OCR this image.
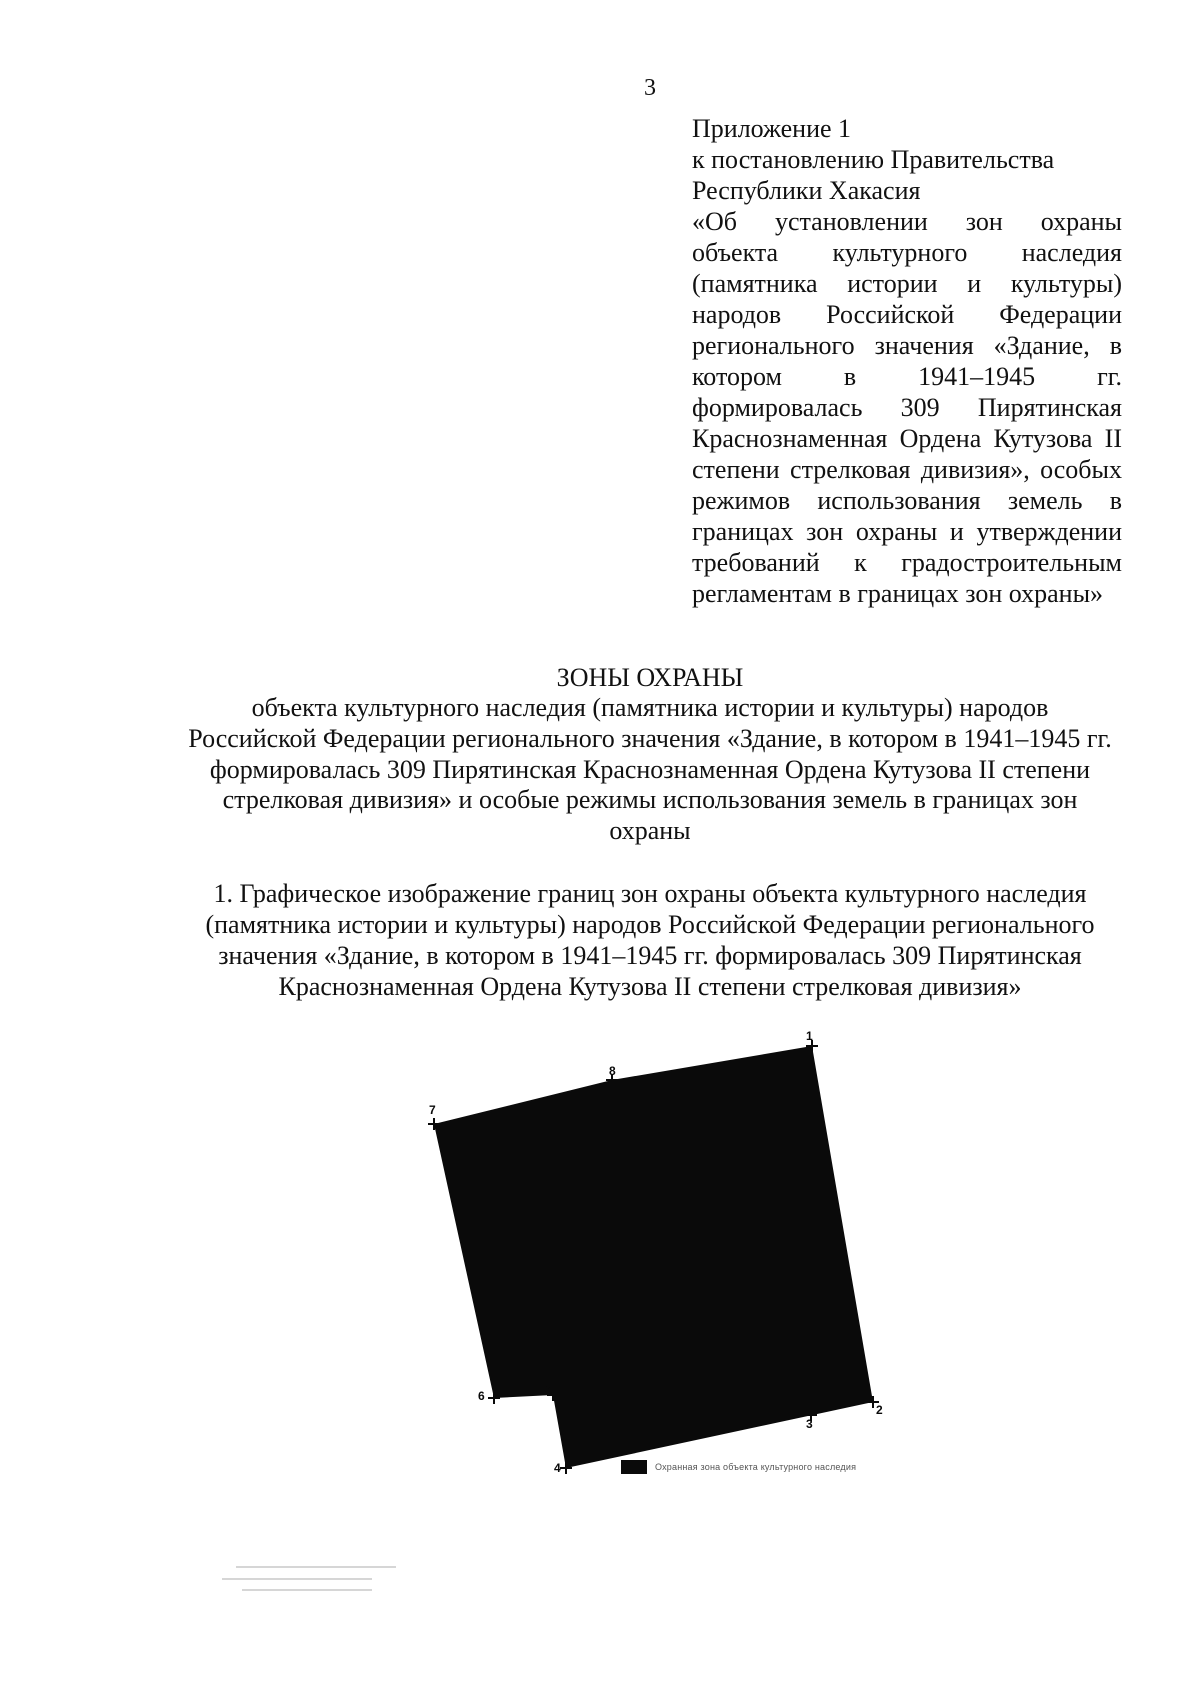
3
Приложение 1
к постановлению Правительства
Республики Хакасия
«Об установлении зон охраны
объекта культурного наследия
(памятника истории и культуры)
народов Российской Федерации
регионального значения «Здание, в
котором в 1941–1945 гг.
формировалась 309 Пирятинская
Краснознаменная Ордена Кутузова II
степени стрелковая дивизия», особых
режимов использования земель в
границах зон охраны и утверждении
требований к градостроительным
регламентам в границах зон охраны»
ЗОНЫ ОХРАНЫ
объекта культурного наследия (памятника истории и культуры) народов
Российской Федерации регионального значения «Здание, в котором в 1941–1945 гг.
формировалась 309 Пирятинская Краснознаменная Ордена Кутузова II степени
стрелковая дивизия» и особые режимы использования земель в границах зон
охраны
1. Графическое изображение границ зон охраны объекта культурного наследия
(памятника истории и культуры) народов Российской Федерации регионального
значения «Здание, в котором в 1941–1945 гг. формировалась 309 Пирятинская
Краснознаменная Ордена Кутузова II степени стрелковая дивизия»
1
2
3
4
5
6
7
8
Охранная зона объекта культурного наследия
